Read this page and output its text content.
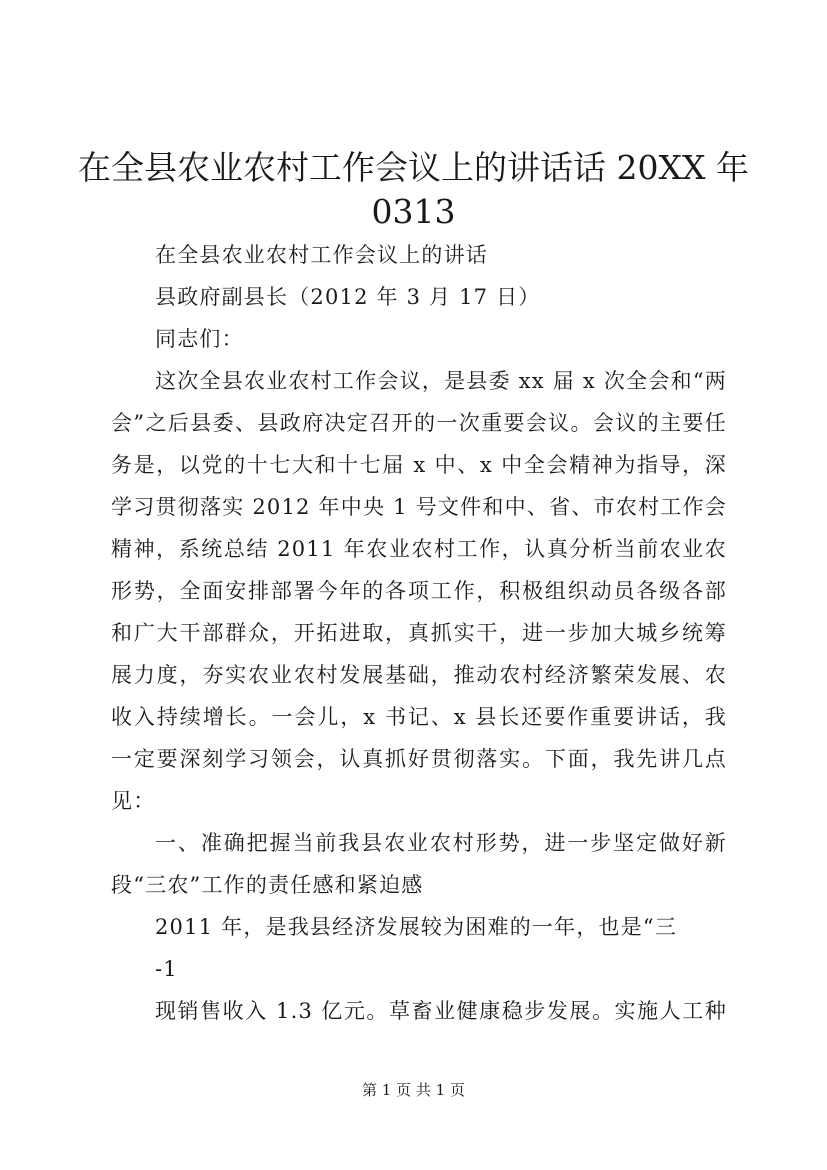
在全县农业农村工作会议上的讲话话 20XX 年
0313

在全县农业农村工作会议上的讲话

县政府副县长（2012 年 3 月 17 日）

同志们：

这次全县农业农村工作会议，是县委 xx 届 x 次全会和“两

会”之后县委、县政府决定召开的一次重要会议。会议的主要任

务是，以党的十七大和十七届 x 中、x 中全会精神为指导，深

学习贯彻落实 2012 年中央 1 号文件和中、省、市农村工作会

精神，系统总结 2011 年农业农村工作，认真分析当前农业农

形势，全面安排部署今年的各项工作，积极组织动员各级各部

和广大干部群众，开拓进取，真抓实干，进一步加大城乡统筹

展力度，夯实农业农村发展基础，推动农村经济繁荣发展、农

收入持续增长。一会儿，x 书记、x 县长还要作重要讲话，我

一定要深刻学习领会，认真抓好贯彻落实。下面，我先讲几点

见：

一、准确把握当前我县农业农村形势，进一步坚定做好新

段“三农”工作的责任感和紧迫感

2011 年，是我县经济发展较为困难的一年，也是“三

-1

现销售收入 1.3 亿元。草畜业健康稳步发展。实施人工种

第 1 页 共 1 页
